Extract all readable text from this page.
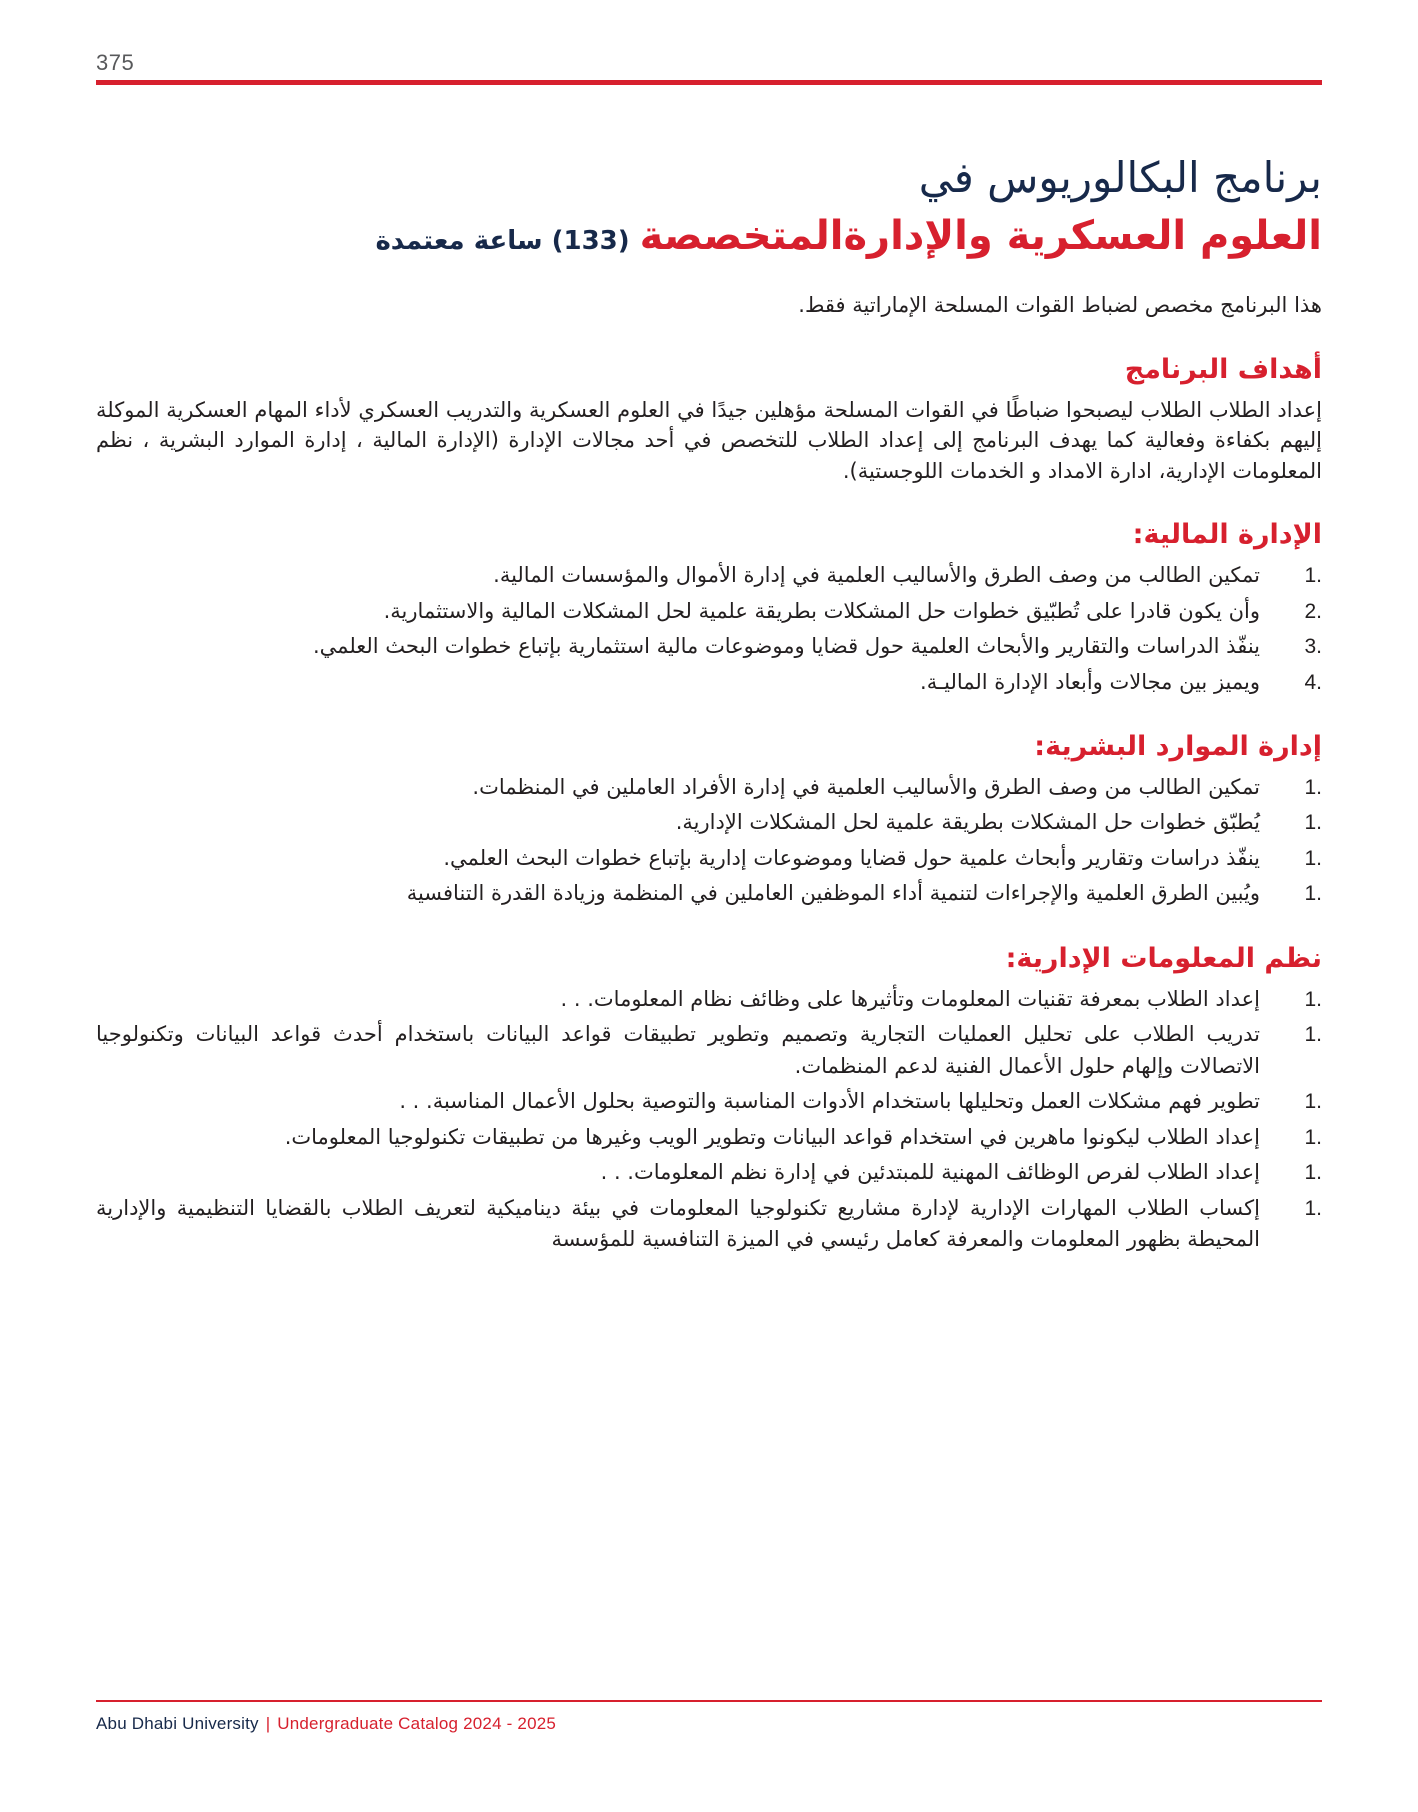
375
برنامج البكالوريوس في
العلوم العسكرية والإدارةالمتخصصة(133) ساعة معتمدة

هذا البرنامج مخصص لضباط القوات المسلحة الإماراتية فقط.

أهداف البرنامج

إعداد الطلاب الطلاب ليصبحوا ضباطًا في القوات المسلحة مؤهلين جيدًا في العلوم العسكرية والتدريب العسكري لأداء المهام العسكرية الموكلة إليهم بكفاءة وفعالية كما يهدف البرنامج إلى إعداد الطلاب للتخصص في أحد مجالات الإدارة (الإدارة المالية ، إدارة الموارد البشرية ، نظم المعلومات الإدارية، ادارة الامداد و الخدمات اللوجستية).

الإدارة المالية:
1.
تمكين الطالب من وصف الطرق والأساليب العلمية في إدارة الأموال والمؤسسات المالية.
2.
وأن يكون قادرا على تُطبّيق خطوات حل المشكلات بطريقة علمية لحل المشكلات المالية والاستثمارية.
3.
ينفّذ الدراسات والتقارير والأبحاث العلمية حول قضايا وموضوعات مالية استثمارية بإتباع خطوات البحث العلمي.
4.
ويميز بين مجالات وأبعاد الإدارة الماليـة.
إدارة الموارد البشرية:
1.
تمكين الطالب من وصف الطرق والأساليب العلمية في إدارة الأفراد العاملين في المنظمات.
1.
يُطبّق خطوات حل المشكلات بطريقة علمية لحل المشكلات الإدارية.
1.
ينفّذ دراسات وتقارير وأبحاث علمية حول قضايا وموضوعات إدارية بإتباع خطوات البحث العلمي.
1.
ويُبين الطرق العلمية والإجراءات لتنمية أداء الموظفين العاملين في المنظمة وزيادة القدرة التنافسية
نظم المعلومات الإدارية:
1.
إعداد الطلاب بمعرفة تقنيات المعلومات وتأثيرها على وظائف نظام المعلومات. . .
1.
تدريب الطلاب على تحليل العمليات التجارية وتصميم وتطوير تطبيقات قواعد البيانات باستخدام أحدث قواعد البيانات وتكنولوجيا الاتصالات وإلهام حلول الأعمال الفنية لدعم المنظمات.
1.
تطوير فهم مشكلات العمل وتحليلها باستخدام الأدوات المناسبة والتوصية بحلول الأعمال المناسبة. . .
1.
إعداد الطلاب ليكونوا ماهرين في استخدام قواعد البيانات وتطوير الويب وغيرها من تطبيقات تكنولوجيا المعلومات.
1.
إعداد الطلاب لفرص الوظائف المهنية للمبتدئين في إدارة نظم المعلومات. . .
1.
إكساب الطلاب المهارات الإدارية لإدارة مشاريع تكنولوجيا المعلومات في بيئة ديناميكية لتعريف الطلاب بالقضايا التنظيمية والإدارية المحيطة بظهور المعلومات والمعرفة كعامل رئيسي في الميزة التنافسية للمؤسسة
Abu Dhabi University | Undergraduate Catalog 2024 - 2025
